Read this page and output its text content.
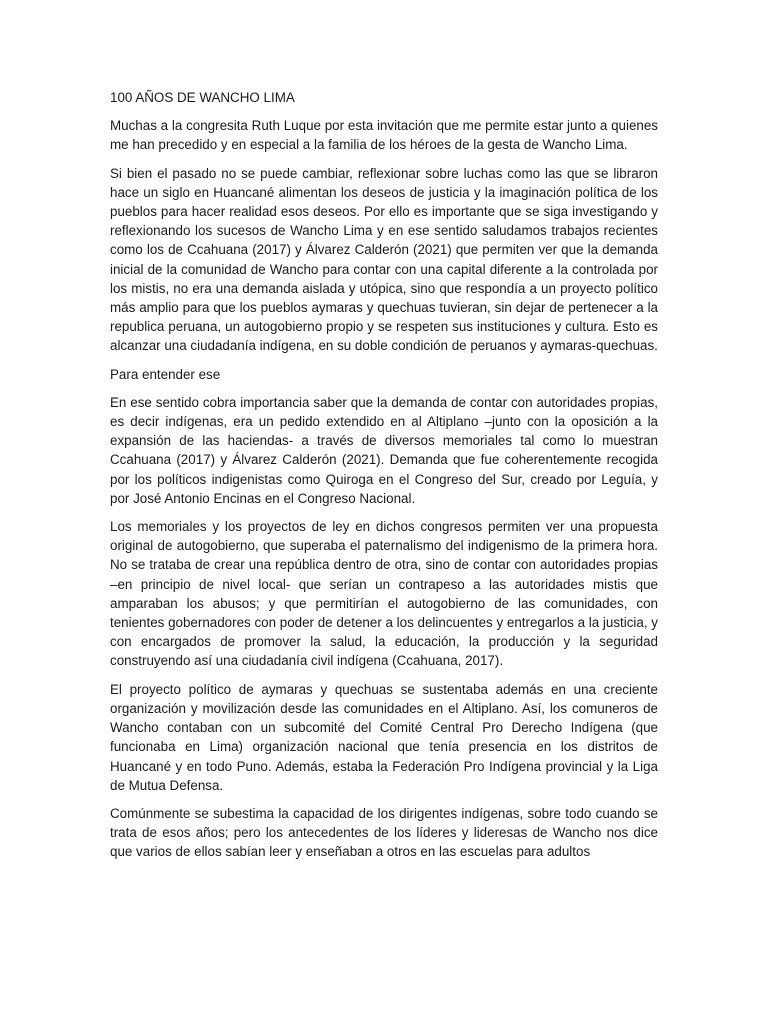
100 AÑOS DE WANCHO LIMA

Muchas a la congresita Ruth Luque por esta invitación que me permite estar junto a quienes me han precedido y en especial a la familia de los héroes de la gesta de Wancho Lima.

Si bien el pasado no se puede cambiar, reflexionar sobre luchas como las que se libraron hace un siglo en Huancané alimentan los deseos de justicia y la imaginación política de los pueblos para hacer realidad esos deseos. Por ello es importante que se siga investigando y reflexionando los sucesos de Wancho Lima y en ese sentido saludamos trabajos recientes como los de Ccahuana (2017) y Álvarez Calderón (2021) que permiten ver que la demanda inicial de la comunidad de Wancho para contar con una capital diferente a la controlada por los mistis, no era una demanda aislada y utópica, sino que respondía a un proyecto político más amplio para que los pueblos aymaras y quechuas tuvieran, sin dejar de pertenecer a la republica peruana, un autogobierno propio y se respeten sus instituciones y cultura. Esto es alcanzar una ciudadanía indígena, en su doble condición de peruanos y aymaras-quechuas.

Para entender ese

En ese sentido cobra importancia saber que la demanda de contar con autoridades propias, es decir indígenas, era un pedido extendido en al Altiplano –junto con la oposición a la expansión de las haciendas- a través de diversos memoriales tal como lo muestran Ccahuana (2017) y Álvarez Calderón (2021). Demanda que fue coherentemente recogida por los políticos indigenistas como Quiroga en el Congreso del Sur, creado por Leguía, y por José Antonio Encinas en el Congreso Nacional.

Los memoriales y los proyectos de ley en dichos congresos permiten ver una propuesta original de autogobierno, que superaba el paternalismo del indigenismo de la primera hora. No se trataba de crear una república dentro de otra, sino de contar con autoridades propias –en principio de nivel local- que serían un contrapeso a las autoridades mistis que amparaban los abusos; y que permitirían el autogobierno de las comunidades, con tenientes gobernadores con poder de detener a los delincuentes y entregarlos a la justicia, y con encargados de promover la salud, la educación, la producción y la seguridad construyendo así una ciudadanía civil indígena (Ccahuana, 2017).

El proyecto político de aymaras y quechuas se sustentaba además en una creciente organización y movilización desde las comunidades en el Altiplano. Así, los comuneros de Wancho contaban con un subcomité del Comité Central Pro Derecho Indígena (que funcionaba en Lima) organización nacional que tenía presencia en los distritos de Huancané y en todo Puno. Además, estaba la Federación Pro Indígena provincial y la Liga de Mutua Defensa.

Comúnmente se subestima la capacidad de los dirigentes indígenas, sobre todo cuando se trata de esos años; pero los antecedentes de los líderes y lideresas de Wancho nos dice que varios de ellos sabían leer y enseñaban a otros en las escuelas para adultos
